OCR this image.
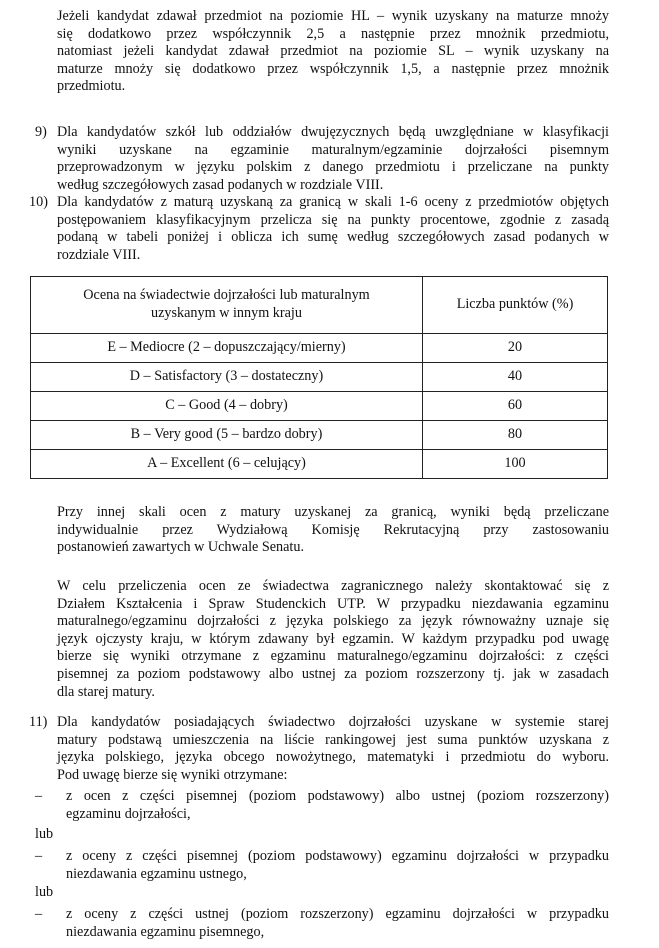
Jeżeli kandydat zdawał przedmiot na poziomie HL – wynik uzyskany na maturze mnoży

się dodatkowo przez współczynnik 2,5 a następnie przez mnożnik przedmiotu,

natomiast jeżeli kandydat zdawał przedmiot na poziomie SL – wynik uzyskany na

maturze mnoży się dodatkowo przez współczynnik 1,5, a następnie przez mnożnik

przedmiotu.

9) Dla kandydatów szkół lub oddziałów dwujęzycznych będą uwzględniane w klasyfikacji

wyniki uzyskane na egzaminie maturalnym/egzaminie dojrzałości pisemnym

przeprowadzonym w języku polskim z danego przedmiotu i przeliczane na punkty

według szczegółowych zasad podanych w rozdziale VIII.

10) Dla kandydatów z maturą uzyskaną za granicą w skali 1-6 oceny z przedmiotów objętych

postępowaniem klasyfikacyjnym przelicza się na punkty procentowe, zgodnie z zasadą

podaną w tabeli poniżej i oblicza ich sumę według szczegółowych zasad podanych w

rozdziale VIII.

Ocena na świadectwie dojrzałości lub maturalnym
uzyskanym w innym kraju	Liczba punktów (%)
E – Mediocre (2 – dopuszczający/mierny)	20
D – Satisfactory (3 – dostateczny)	40
C – Good (4 – dobry)	60
B – Very good (5 – bardzo dobry)	80
A – Excellent (6 – celujący)	100

Przy innej skali ocen z matury uzyskanej za granicą, wyniki będą przeliczane

indywidualnie przez Wydziałową Komisję Rekrutacyjną przy zastosowaniu

postanowień zawartych w Uchwale Senatu.

W celu przeliczenia ocen ze świadectwa zagranicznego należy skontaktować się z

Działem Kształcenia i Spraw Studenckich UTP. W przypadku niezdawania egzaminu

maturalnego/egzaminu dojrzałości z języka polskiego za język równoważny uznaje się

język ojczysty kraju, w którym zdawany był egzamin. W każdym przypadku pod uwagę

bierze się wyniki otrzymane z egzaminu maturalnego/egzaminu dojrzałości: z części

pisemnej za poziom podstawowy albo ustnej za poziom rozszerzony tj. jak w zasadach

dla starej matury.

11) Dla kandydatów posiadających świadectwo dojrzałości uzyskane w systemie starej

matury podstawą umieszczenia na liście rankingowej jest suma punktów uzyskana z

języka polskiego, języka obcego nowożytnego, matematyki i przedmiotu do wyboru.

Pod uwagę bierze się wyniki otrzymane:

– z ocen z części pisemnej (poziom podstawowy) albo ustnej (poziom rozszerzony)

egzaminu dojrzałości,

lub
– z oceny z części pisemnej (poziom podstawowy) egzaminu dojrzałości w przypadku

niezdawania egzaminu ustnego,

lub
– z oceny z części ustnej (poziom rozszerzony) egzaminu dojrzałości w przypadku

niezdawania egzaminu pisemnego,
